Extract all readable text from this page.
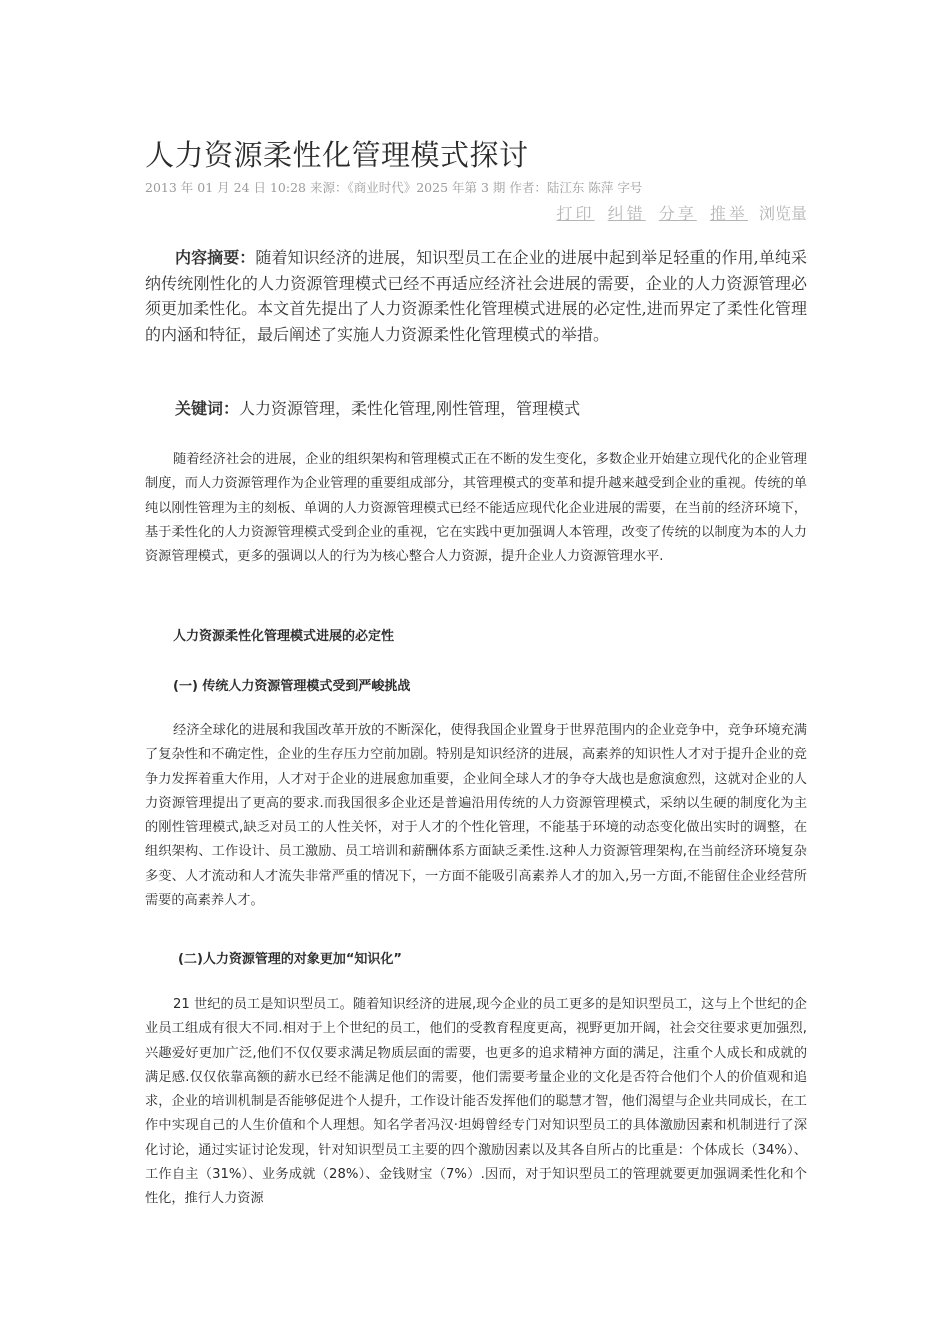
人力资源柔性化管理模式探讨
2013 年 01 月 24 日 10:28 来源：《商业时代》2025 年第 3 期 作者：陆江东 陈萍 字号
打印 纠错 分享 推举 浏览量
内容摘要：随着知识经济的进展，知识型员工在企业的进展中起到举足轻重的作用,单纯采纳传统刚性化的人力资源管理模式已经不再适应经济社会进展的需要，企业的人力资源管理必须更加柔性化。本文首先提出了人力资源柔性化管理模式进展的必定性,进而界定了柔性化管理的内涵和特征，最后阐述了实施人力资源柔性化管理模式的举措。
关键词：人力资源管理，柔性化管理,刚性管理，管理模式
随着经济社会的进展，企业的组织架构和管理模式正在不断的发生变化，多数企业开始建立现代化的企业管理制度，而人力资源管理作为企业管理的重要组成部分，其管理模式的变革和提升越来越受到企业的重视。传统的单纯以刚性管理为主的刻板、单调的人力资源管理模式已经不能适应现代化企业进展的需要，在当前的经济环境下，基于柔性化的人力资源管理模式受到企业的重视，它在实践中更加强调人本管理，改变了传统的以制度为本的人力资源管理模式，更多的强调以人的行为为核心整合人力资源，提升企业人力资源管理水平.
人力资源柔性化管理模式进展的必定性
(一) 传统人力资源管理模式受到严峻挑战
经济全球化的进展和我国改革开放的不断深化，使得我国企业置身于世界范围内的企业竞争中，竞争环境充满了复杂性和不确定性，企业的生存压力空前加剧。特别是知识经济的进展，高素养的知识性人才对于提升企业的竞争力发挥着重大作用，人才对于企业的进展愈加重要，企业间全球人才的争夺大战也是愈演愈烈，这就对企业的人力资源管理提出了更高的要求.而我国很多企业还是普遍沿用传统的人力资源管理模式，采纳以生硬的制度化为主的刚性管理模式,缺乏对员工的人性关怀，对于人才的个性化管理，不能基于环境的动态变化做出实时的调整，在组织架构、工作设计、员工激励、员工培训和薪酬体系方面缺乏柔性.这种人力资源管理架构,在当前经济环境复杂多变、人才流动和人才流失非常严重的情况下，一方面不能吸引高素养人才的加入,另一方面,不能留住企业经营所需要的高素养人才。
(二)人力资源管理的对象更加“知识化”
21 世纪的员工是知识型员工。随着知识经济的进展,现今企业的员工更多的是知识型员工，这与上个世纪的企业员工组成有很大不同.相对于上个世纪的员工，他们的受教育程度更高，视野更加开阔，社会交往要求更加强烈,兴趣爱好更加广泛,他们不仅仅要求满足物质层面的需要，也更多的追求精神方面的满足，注重个人成长和成就的满足感.仅仅依靠高额的薪水已经不能满足他们的需要，他们需要考量企业的文化是否符合他们个人的价值观和追求，企业的培训机制是否能够促进个人提升，工作设计能否发挥他们的聪慧才智，他们渴望与企业共同成长，在工作中实现自己的人生价值和个人理想。知名学者冯汉·坦姆曾经专门对知识型员工的具体激励因素和机制进行了深化讨论，通过实证讨论发现，针对知识型员工主要的四个激励因素以及其各自所占的比重是：个体成长（34%）、工作自主（31%）、业务成就（28%）、金钱财宝（7%）.因而，对于知识型员工的管理就要更加强调柔性化和个性化，推行人力资源
